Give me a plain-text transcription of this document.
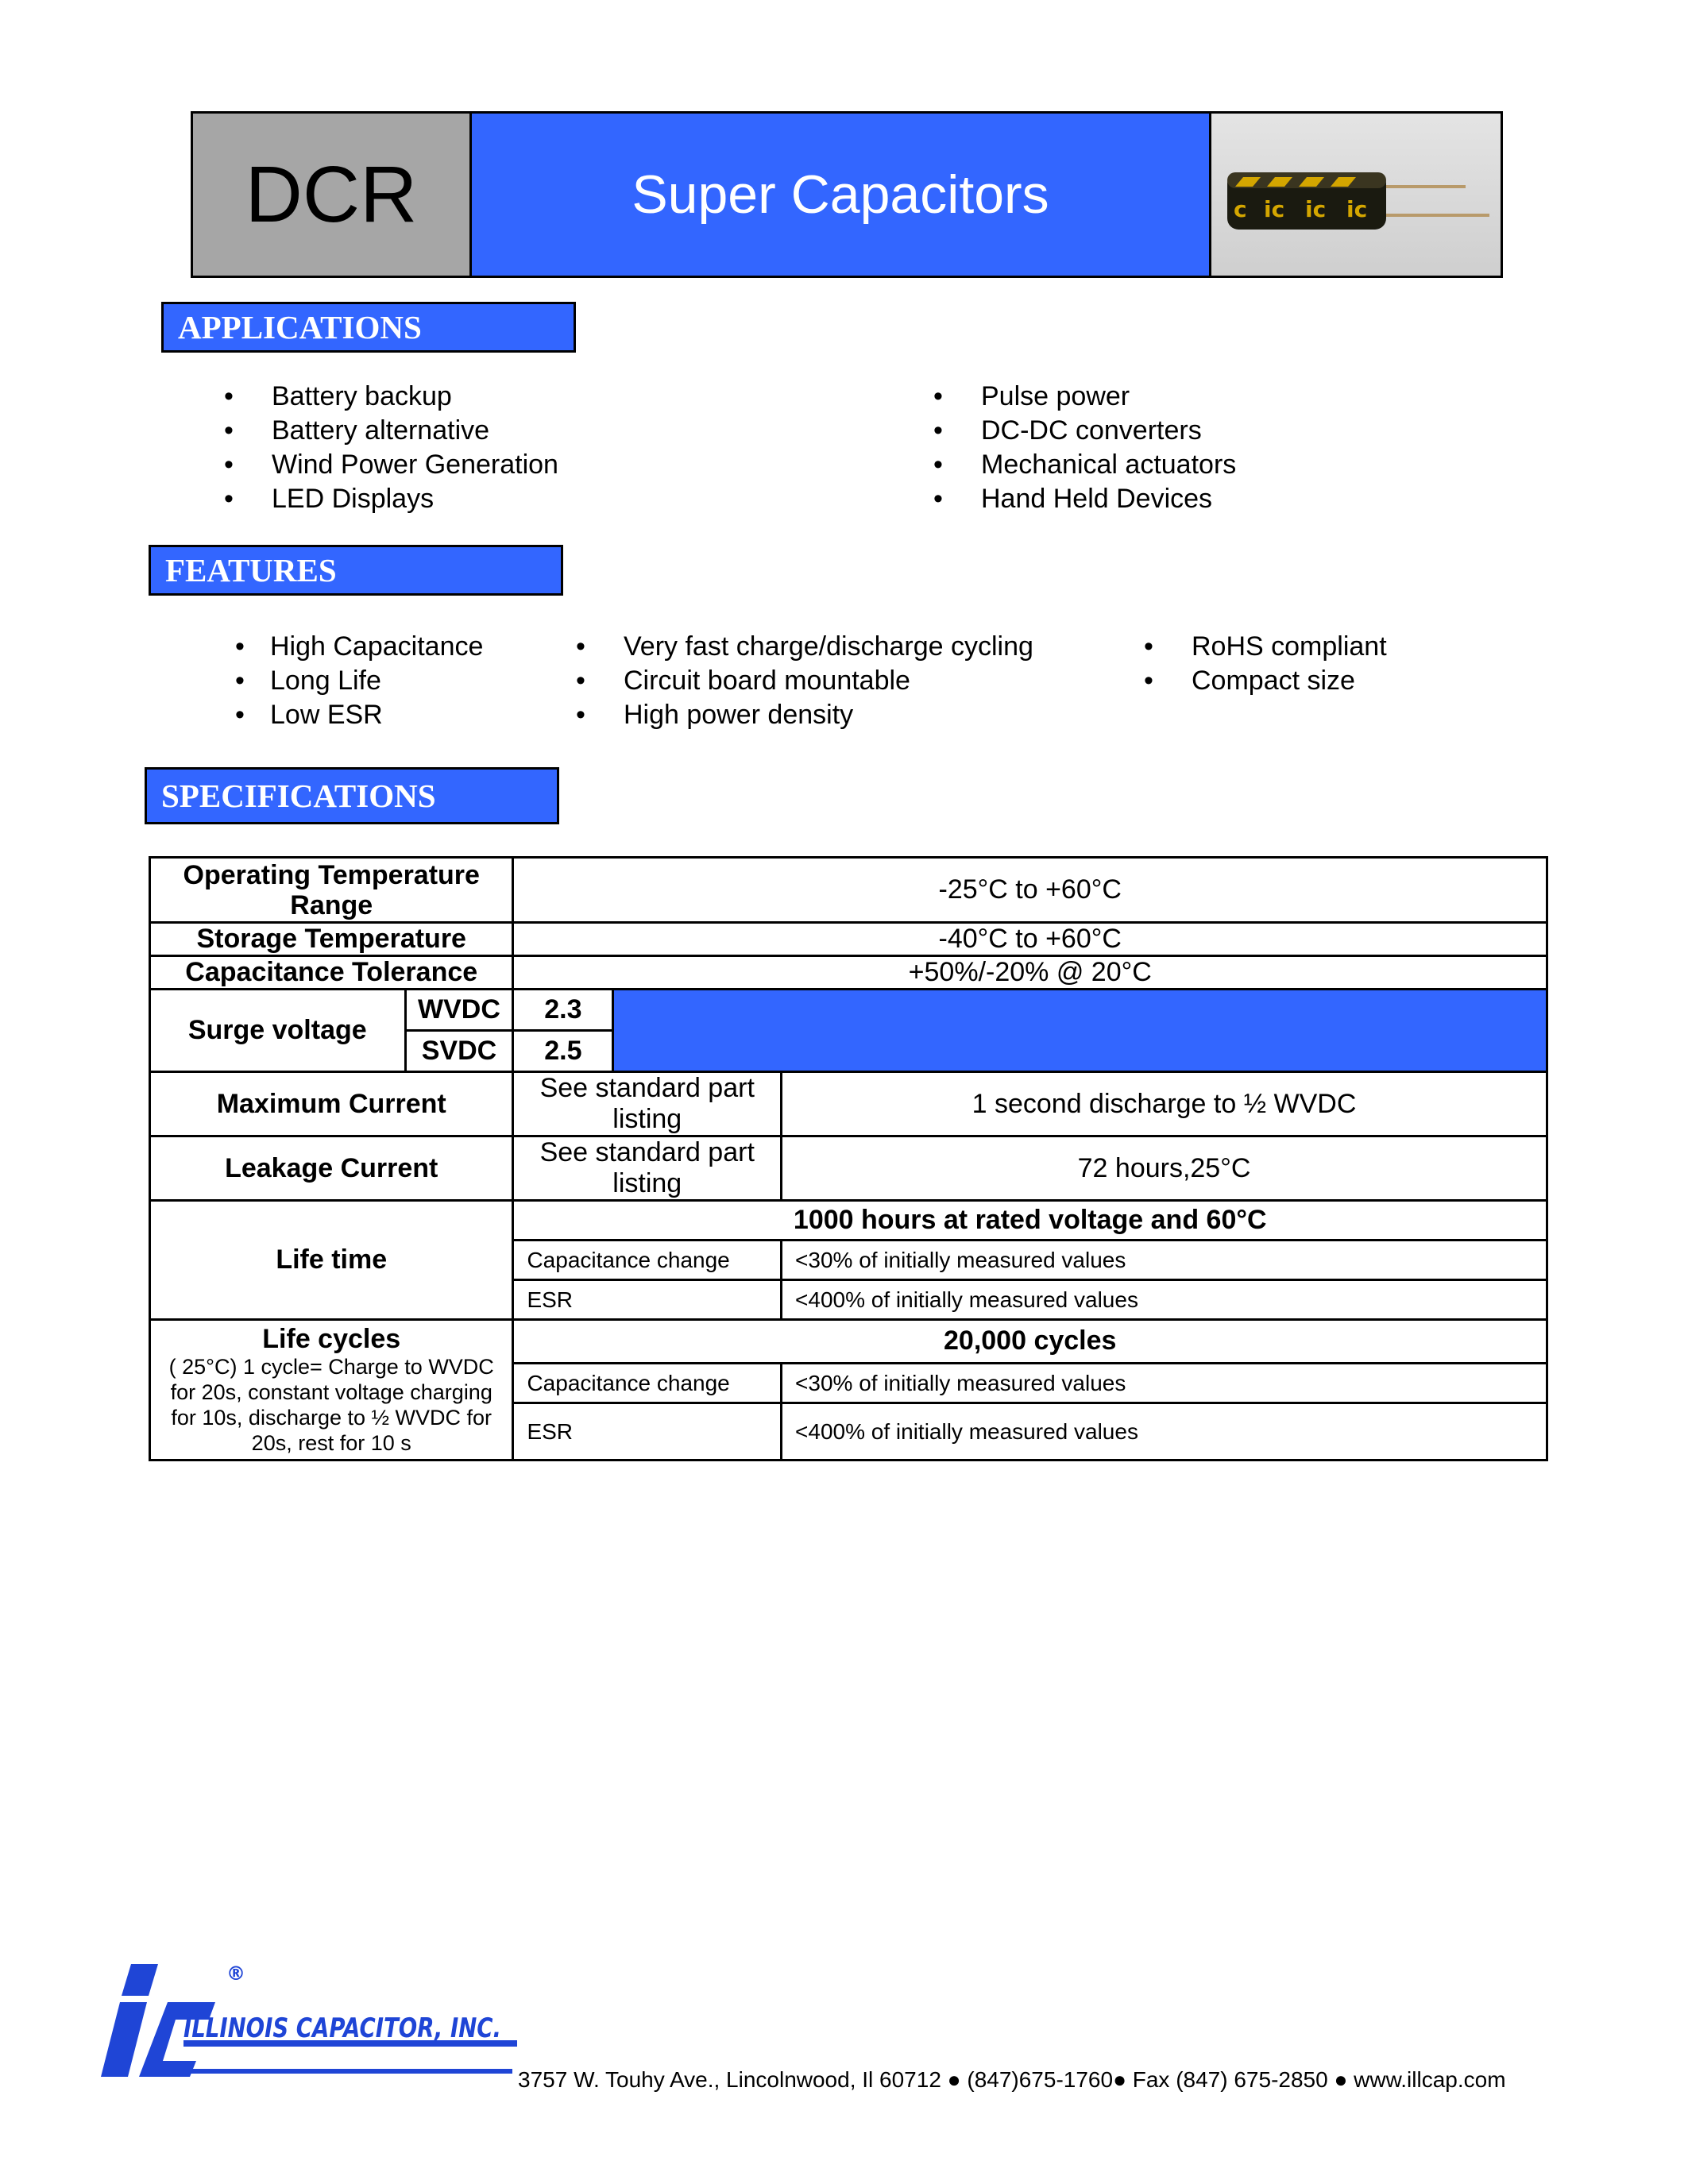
DCR	Super Capacitors	c ic ic ic
APPLICATIONS
• Battery backup
• Battery alternative
• Wind Power Generation
• LED Displays
• Pulse power
• DC-DC converters
• Mechanical actuators
• Hand Held Devices
FEATURES
• High Capacitance
• Long Life
• Low ESR
• Very fast charge/discharge cycling
• Circuit board mountable
• High power density
• RoHS compliant
• Compact size
SPECIFICATIONS
Operating Temperature Range		-25°C to +60°C		
Storage Temperature		-40°C to +60°C		
Capacitance Tolerance		+50%/-20% @ 20°C		
Surge voltage	WVDC	2.3		
	SVDC	2.5		
Maximum Current		See standard part listing		1 second discharge to ½ WVDC
Leakage Current		See standard part listing		72 hours,25°C
Life time		1000 hours at rated voltage and 60°C		
		Capacitance change		<30% of initially measured values
		ESR		<400% of initially measured values

Life cycles
( 25°C) 1 cycle= Charge to WVDC for 20s, constant voltage charging for 10s, discharge to ½ WVDC for 20s, rest for 10 s		20,000 cycles		
		Capacitance change		<30% of initially measured values
		ESR		<400% of initially measured values
®
ILLINOIS CAPACITOR, INC.
3757 W. Touhy Ave., Lincolnwood, Il 60712 ● (847)675-1760● Fax (847) 675-2850 ● www.illcap.com
